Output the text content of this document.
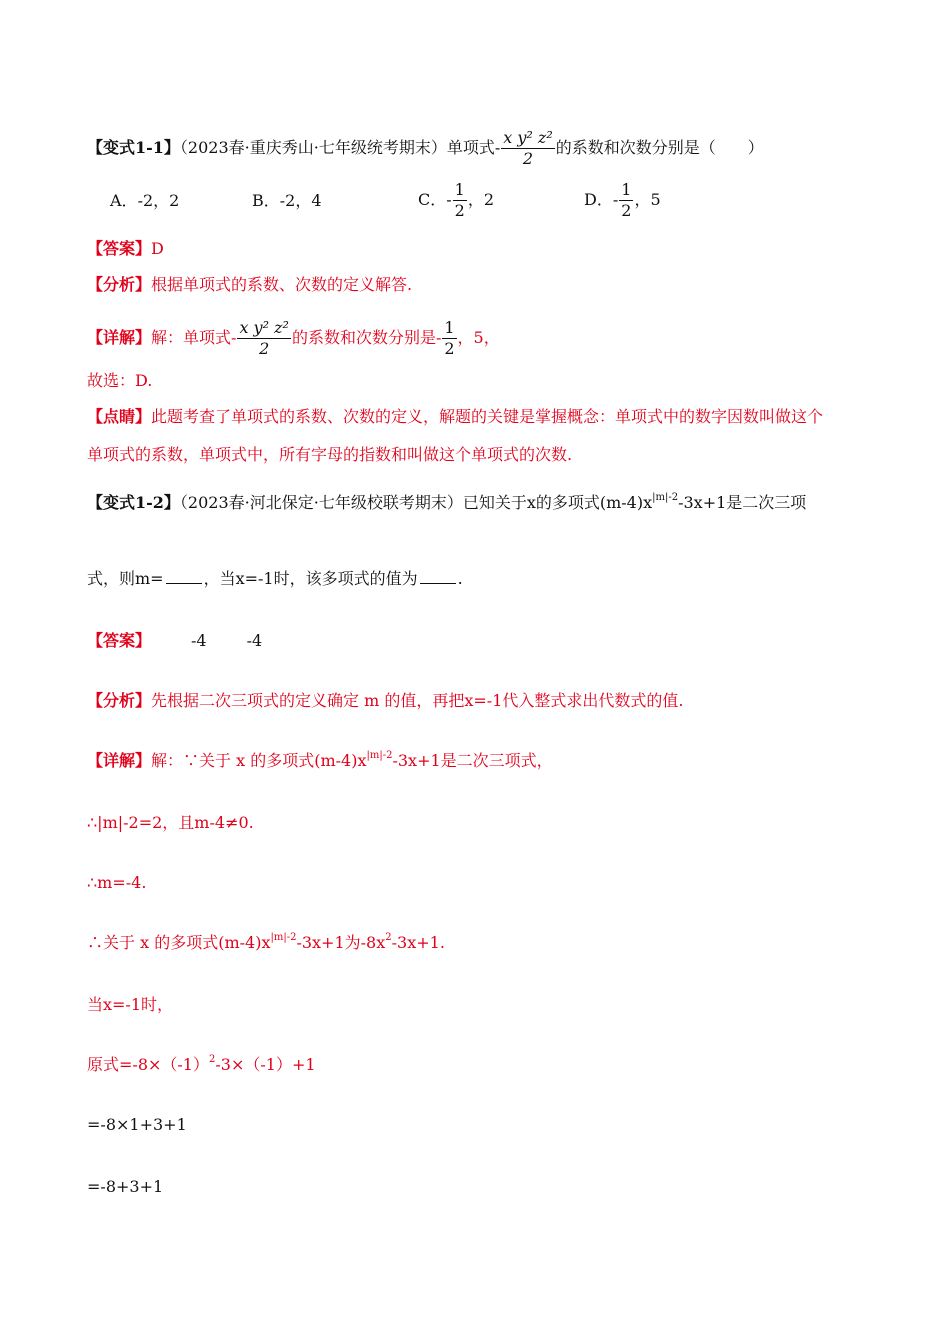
【变式1-1】（2023春·重庆秀山·七年级统考期末）单项式- $\frac{\text{x y² z²}}{2}$ 的系数和次数分别是（　　）
A．-2，2	B．-2，4	C．- $\frac{1}{2}$ ，2	D．- $\frac{1}{2}$ ，5
【答案】D
【分析】根据单项式的系数、次数的定义解答.
【详解】解：单项式- $\frac{\text{x y² z²}}{2}$ 的系数和次数分别是- $\frac{1}{2}$ ，5，
故选：D.
【点睛】此题考查了单项式的系数、次数的定义，解题的关键是掌握概念：单项式中的数字因数叫做这个
单项式的系数，单项式中，所有字母的指数和叫做这个单项式的次数.
【变式1-2】（2023春·河北保定·七年级校联考期末）已知关于x的多项式$(m-4)x^{|m|-2}-3x+1$是二次三项
式，则m=	，当x=-1时，该多项式的值为	.
【答案】	-4	-4
【分析】先根据二次三项式的定义确定 m 的值，再把x=-1代入整式求出代数式的值.
【详解】解：∵关于 x 的多项式$(m-4)x^{|m|-2}-3x+1$是二次三项式，
∴|m|-2=2，且m-4≠0.
∴m=-4.
∴关于 x 的多项式$(m-4)x^{|m|-2}-3x+1$为$-8x^2-3x+1$.
当x=-1时，
原式$=-8\times(-1)^2-3\times(-1)+1$
=-8×1+3+1
=-8+3+1
